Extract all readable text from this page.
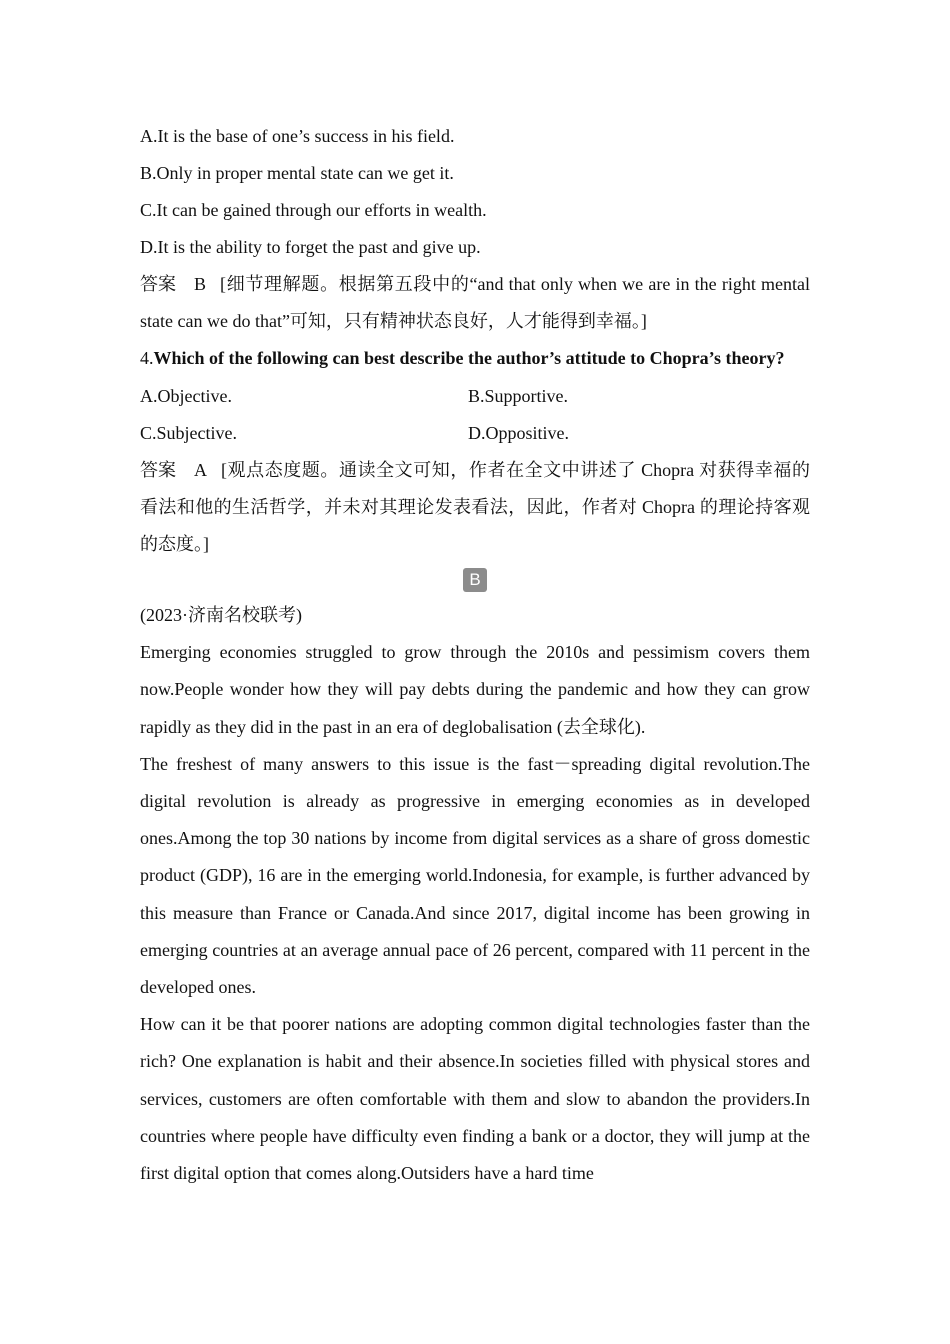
A.It is the base of one’s success in his field.

B.Only in proper mental state can we get it.

C.It can be gained through our efforts in wealth.

D.It is the ability to forget the past and give up.

答案 B [细节理解题。根据第五段中的“and that only when we are in the right mental state can we do that”可知，只有精神状态良好，人才能得到幸福。]

4.Which of the following can best describe the author’s attitude to Chopra’s theory?

A.Objective.	B.Supportive.

C.Subjective.	D.Oppositive.

答案 A [观点态度题。通读全文可知，作者在全文中讲述了 Chopra 对获得幸福的看法和他的生活哲学，并未对其理论发表看法，因此，作者对 Chopra 的理论持客观的态度。]

B

(2023·济南名校联考)

Emerging economies struggled to grow through the 2010s and pessimism covers them now.People wonder how they will pay debts during the pandemic and how they can grow rapidly as they did in the past in an era of deglobalisation (去全球化).

The freshest of many answers to this issue is the fast－spreading digital revolution.The digital revolution is already as progressive in emerging economies as in developed ones.Among the top 30 nations by income from digital services as a share of gross domestic product (GDP), 16 are in the emerging world.Indonesia, for example, is further advanced by this measure than France or Canada.And since 2017, digital income has been growing in emerging countries at an average annual pace of 26 percent, compared with 11 percent in the developed ones.

How can it be that poorer nations are adopting common digital technologies faster than the rich? One explanation is habit and their absence.In societies filled with physical stores and services, customers are often comfortable with them and slow to abandon the providers.In countries where people have difficulty even finding a bank or a doctor, they will jump at the first digital option that comes along.Outsiders have a hard time
